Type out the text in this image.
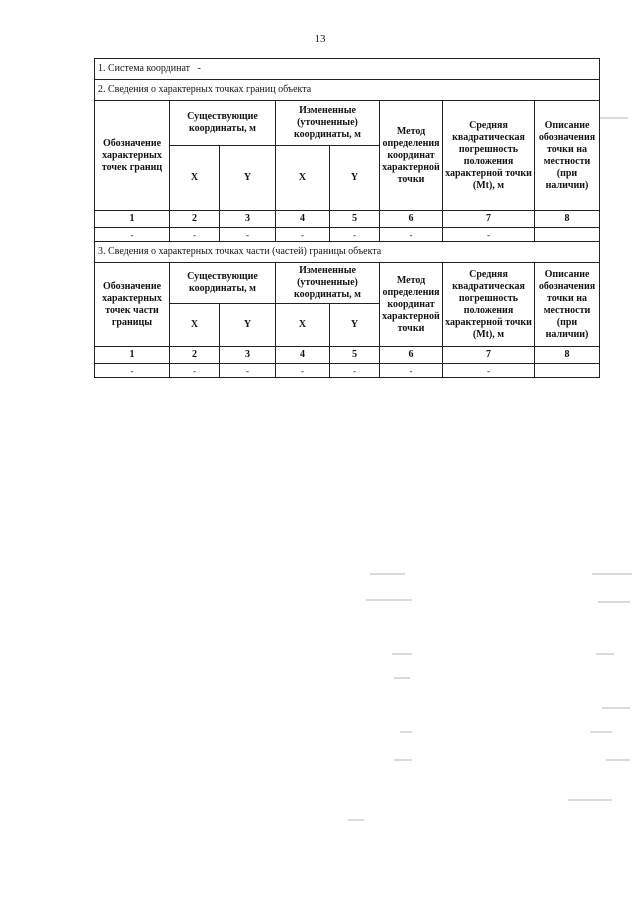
13
1. Система координат -							
2. Сведения о характерных точках границ объекта							
Обозначение характерных точек границ	Существующие координаты, м		Измененные (уточненные) координаты, м		Метод определения координат характерной точки	Средняя квадратическая погрешность положения характерной точки (Mt), м	Описание обозначения точки на местности (при наличии)
	X	Y	X	Y			
1	2	3	4	5	6	7	8
-	-	-	-	-	-	-	
3. Сведения о характерных точках части (частей) границы объекта							
Обозначение характерных точек части границы	Существующие координаты, м		Измененные (уточненные) координаты, м		Метод определения координат характерной точки	Средняя квадратическая погрешность положения характерной точки (Mt), м	Описание обозначения точки на местности (при наличии)
	X	Y	X	Y			
1	2	3	4	5	6	7	8
-	-	-	-	-	-	-	
